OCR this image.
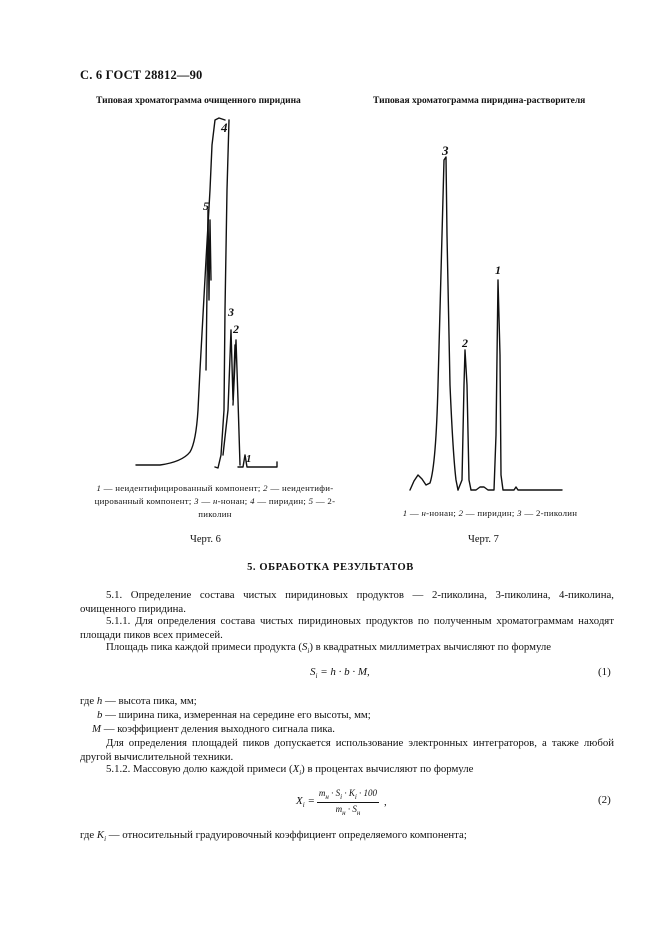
С. 6 ГОСТ 28812—90
Типовая хроматограмма очищенного пиридина
5
4
3
2
1
1 — неидентифицированный компонент; 2 — неидентифи-цированный компонент; 3 — н-нонан; 4 — пиридин; 5 — 2-пиколин
Черт. 6
Типовая хроматограмма пиридина-растворителя
3
2
1
1 — н-нонан; 2 — пиридин; 3 — 2-пиколин
Черт. 7
5. ОБРАБОТКА РЕЗУЛЬТАТОВ
5.1. Определение состава чистых пиридиновых продуктов — 2-пиколина, 3-пиколина, 4-пиколина, очищенного пиридина.
5.1.1. Для определения состава чистых пиридиновых продуктов по полученным хроматограммам находят площади пиков всех примесей.
Площадь пика каждой примеси продукта $(S_i)$ в квадратных миллиметрах вычисляют по формуле
$S_i = h \cdot b \cdot M$,	(1)
где h — высота пика, мм;
b — ширина пика, измеренная на середине его высоты, мм;
M — коэффициент деления выходного сигнала пика.
Для определения площадей пиков допускается использование электронных интеграторов, а также любой другой вычислительной техники.
5.1.2. Массовую долю каждой примеси $(X_i)$ в процентах вычисляют по формуле
$X_i = \frac{m_н \cdot S_i \cdot K_i \cdot 100}{m_н \cdot S_н}$ ,	(2)
где $K_i$ — относительный градуировочный коэффициент определяемого компонента;
